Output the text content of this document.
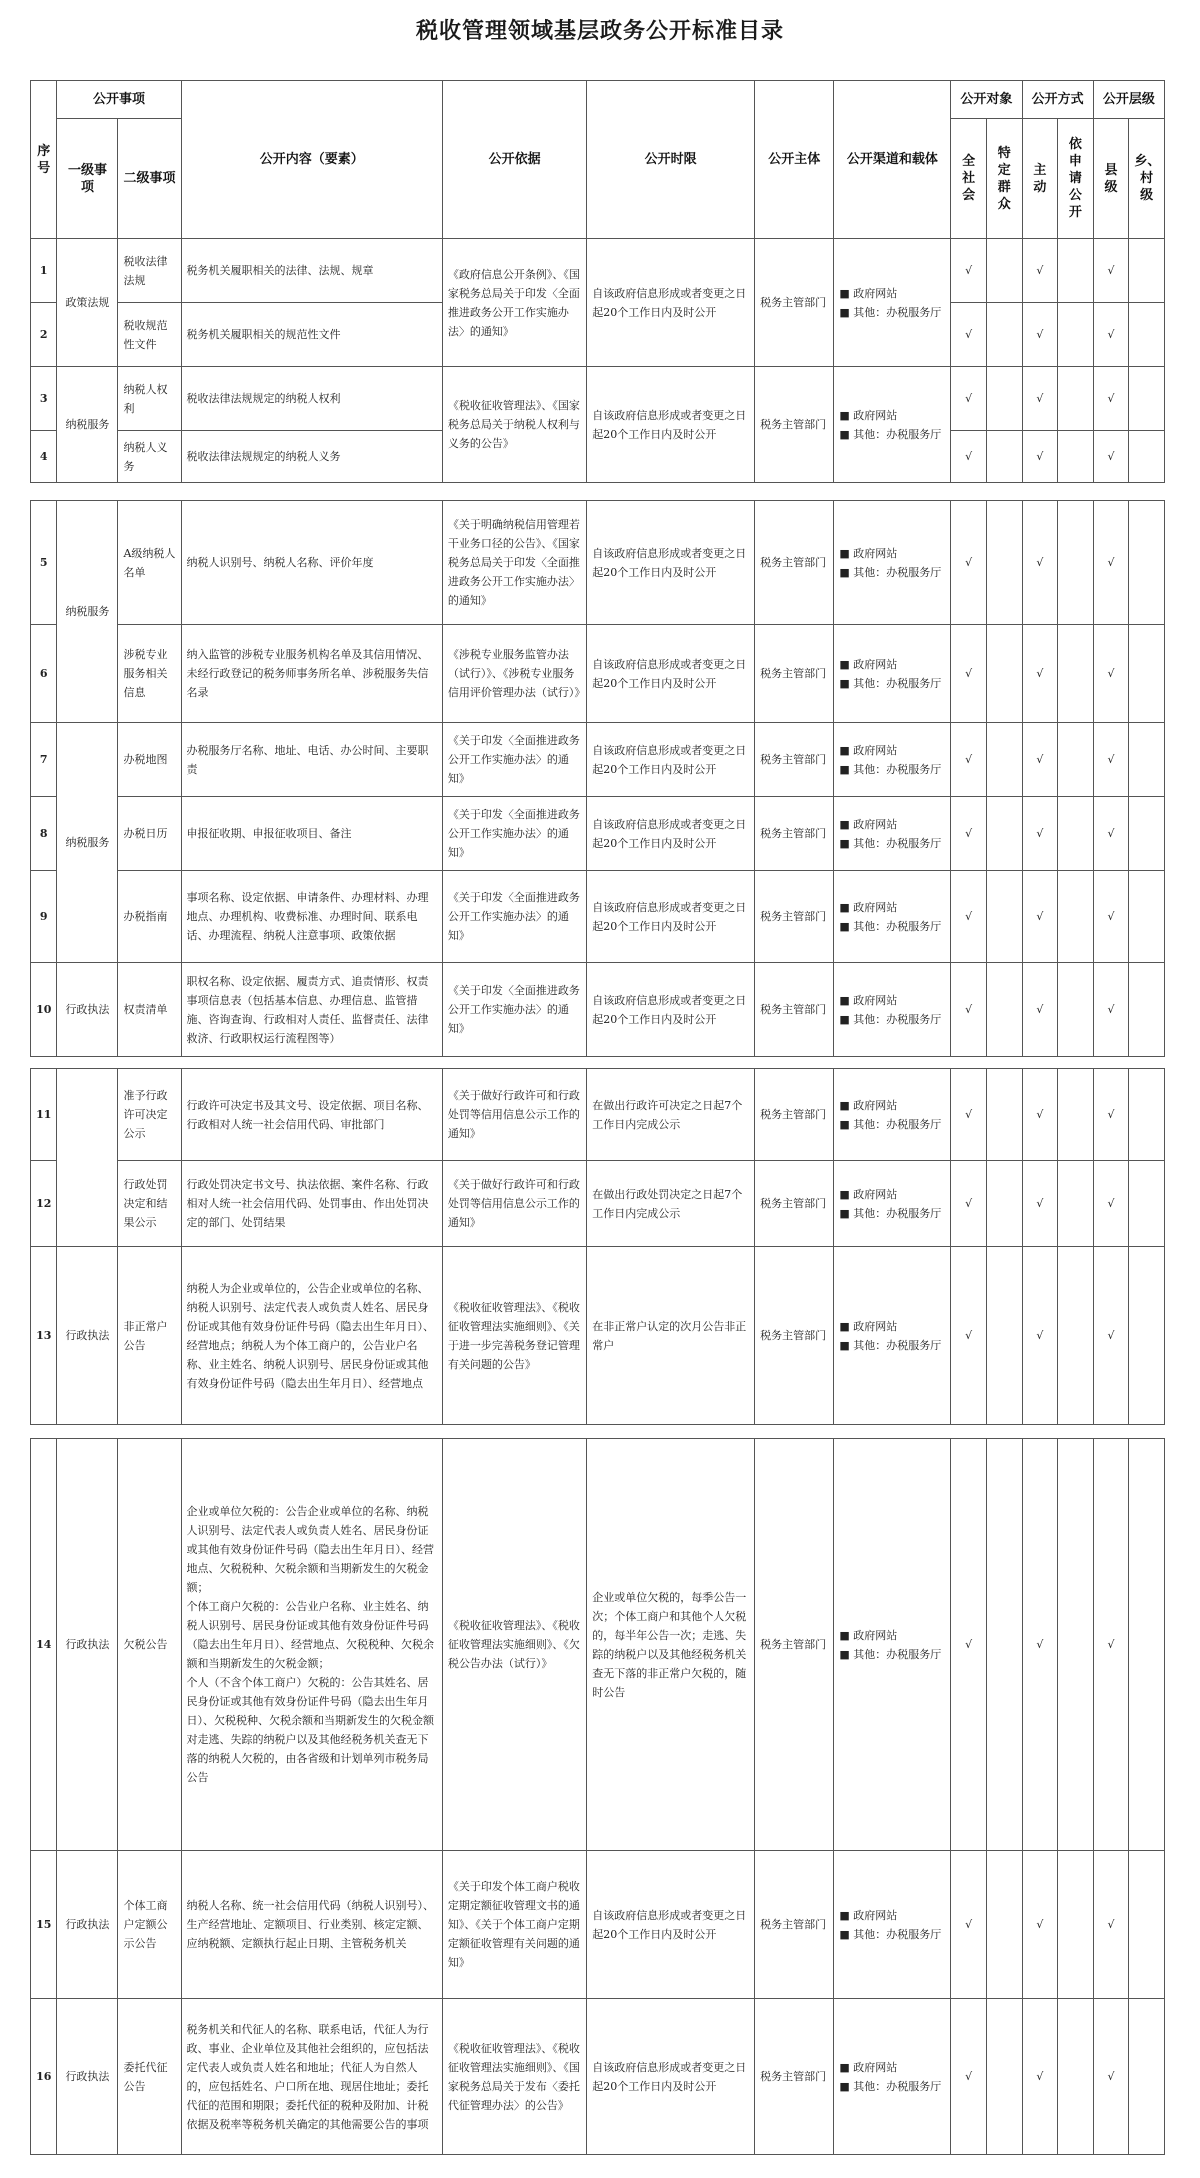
税收管理领域基层政务公开标准目录
序号	公开事项		公开内容（要素）	公开依据	公开时限	公开主体	公开渠道和载体	公开对象		公开方式		公开层级	
	一级事项	二级事项						全社会	特定群众	主动	依申请公开	县级	乡、村级
1	政策法规	税收法律法规	税务机关履职相关的法律、法规、规章	《政府信息公开条例》、《国家税务总局关于印发〈全面推进政务公开工作实施办法〉的通知》	自该政府信息形成或者变更之日起20个工作日内及时公开	税务主管部门	■ 政府网站
■ 其他：办税服务厅	√		√		√	
2		税收规范性文件	税务机关履职相关的规范性文件					√		√		√	
3	纳税服务	纳税人权利	税收法律法规规定的纳税人权利	《税收征收管理法》、《国家税务总局关于纳税人权利与义务的公告》	自该政府信息形成或者变更之日起20个工作日内及时公开	税务主管部门	■ 政府网站
■ 其他：办税服务厅	√		√		√	
4		纳税人义务	税收法律法规规定的纳税人义务					√		√		√	
5	纳税服务	A级纳税人名单	纳税人识别号、纳税人名称、评价年度	《关于明确纳税信用管理若干业务口径的公告》、《国家税务总局关于印发〈全面推进政务公开工作实施办法〉的通知》	自该政府信息形成或者变更之日起20个工作日内及时公开	税务主管部门	■ 政府网站
■ 其他：办税服务厅	√		√		√	
6		涉税专业服务相关信息	纳入监管的涉税专业服务机构名单及其信用情况、未经行政登记的税务师事务所名单、涉税服务失信名录	《涉税专业服务监管办法（试行）》、《涉税专业服务信用评价管理办法（试行）》	自该政府信息形成或者变更之日起20个工作日内及时公开	税务主管部门	■ 政府网站
■ 其他：办税服务厅	√		√		√	
7	纳税服务	办税地图	办税服务厅名称、地址、电话、办公时间、主要职责	《关于印发〈全面推进政务公开工作实施办法〉的通知》	自该政府信息形成或者变更之日起20个工作日内及时公开	税务主管部门	■ 政府网站
■ 其他：办税服务厅	√		√		√	
8		办税日历	申报征收期、申报征收项目、备注	《关于印发〈全面推进政务公开工作实施办法〉的通知》	自该政府信息形成或者变更之日起20个工作日内及时公开	税务主管部门	■ 政府网站
■ 其他：办税服务厅	√		√		√	
9		办税指南	事项名称、设定依据、申请条件、办理材料、办理地点、办理机构、收费标准、办理时间、联系电话、办理流程、纳税人注意事项、政策依据	《关于印发〈全面推进政务公开工作实施办法〉的通知》	自该政府信息形成或者变更之日起20个工作日内及时公开	税务主管部门	■ 政府网站
■ 其他：办税服务厅	√		√		√	
10	行政执法	权责清单	职权名称、设定依据、履责方式、追责情形、权责事项信息表（包括基本信息、办理信息、监管措施、咨询查询、行政相对人责任、监督责任、法律救济、行政职权运行流程图等）	《关于印发〈全面推进政务公开工作实施办法〉的通知》	自该政府信息形成或者变更之日起20个工作日内及时公开	税务主管部门	■ 政府网站
■ 其他：办税服务厅	√		√		√	
11		准予行政许可决定公示	行政许可决定书及其文号、设定依据、项目名称、行政相对人统一社会信用代码、审批部门	《关于做好行政许可和行政处罚等信用信息公示工作的通知》	在做出行政许可决定之日起7个工作日内完成公示	税务主管部门	■ 政府网站
■ 其他：办税服务厅	√		√		√	
12		行政处罚决定和结果公示	行政处罚决定书文号、执法依据、案件名称、行政相对人统一社会信用代码、处罚事由、作出处罚决定的部门、处罚结果	《关于做好行政许可和行政处罚等信用信息公示工作的通知》	在做出行政处罚决定之日起7个工作日内完成公示	税务主管部门	■ 政府网站
■ 其他：办税服务厅	√		√		√	
13	行政执法	非正常户公告	纳税人为企业或单位的，公告企业或单位的名称、纳税人识别号、法定代表人或负责人姓名、居民身份证或其他有效身份证件号码（隐去出生年月日）、经营地点；纳税人为个体工商户的，公告业户名称、业主姓名、纳税人识别号、居民身份证或其他有效身份证件号码（隐去出生年月日）、经营地点	《税收征收管理法》、《税收征收管理法实施细则》、《关于进一步完善税务登记管理有关问题的公告》	在非正常户认定的次月公告非正常户	税务主管部门	■ 政府网站
■ 其他：办税服务厅	√		√		√	
14	行政执法	欠税公告	企业或单位欠税的：公告企业或单位的名称、纳税人识别号、法定代表人或负责人姓名、居民身份证或其他有效身份证件号码（隐去出生年月日）、经营地点、欠税税种、欠税余额和当期新发生的欠税金额；
个体工商户欠税的：公告业户名称、业主姓名、纳税人识别号、居民身份证或其他有效身份证件号码（隐去出生年月日）、经营地点、欠税税种、欠税余额和当期新发生的欠税金额；
个人（不含个体工商户）欠税的：公告其姓名、居民身份证或其他有效身份证件号码（隐去出生年月日）、欠税税种、欠税余额和当期新发生的欠税金额
对走逃、失踪的纳税户以及其他经税务机关查无下落的纳税人欠税的，由各省级和计划单列市税务局公告	《税收征收管理法》、《税收征收管理法实施细则》、《欠税公告办法（试行）》	企业或单位欠税的，每季公告一次；个体工商户和其他个人欠税的，每半年公告一次；走逃、失踪的纳税户以及其他经税务机关查无下落的非正常户欠税的，随时公告	税务主管部门	■ 政府网站
■ 其他：办税服务厅	√		√		√	
15	行政执法	个体工商户定额公示公告	纳税人名称、统一社会信用代码（纳税人识别号）、生产经营地址、定额项目、行业类别、核定定额、应纳税额、定额执行起止日期、主管税务机关	《关于印发个体工商户税收定期定额征收管理文书的通知》、《关于个体工商户定期定额征收管理有关问题的通知》	自该政府信息形成或者变更之日起20个工作日内及时公开	税务主管部门	■ 政府网站
■ 其他：办税服务厅	√		√		√	
16	行政执法	委托代征公告	税务机关和代征人的名称、联系电话，代征人为行政、事业、企业单位及其他社会组织的，应包括法定代表人或负责人姓名和地址；代征人为自然人的，应包括姓名、户口所在地、现居住地址；委托代征的范围和期限；委托代征的税种及附加、计税依据及税率等税务机关确定的其他需要公告的事项	《税收征收管理法》、《税收征收管理法实施细则》、《国家税务总局关于发布〈委托代征管理办法〉的公告》	自该政府信息形成或者变更之日起20个工作日内及时公开	税务主管部门	■ 政府网站
■ 其他：办税服务厅	√		√		√	
